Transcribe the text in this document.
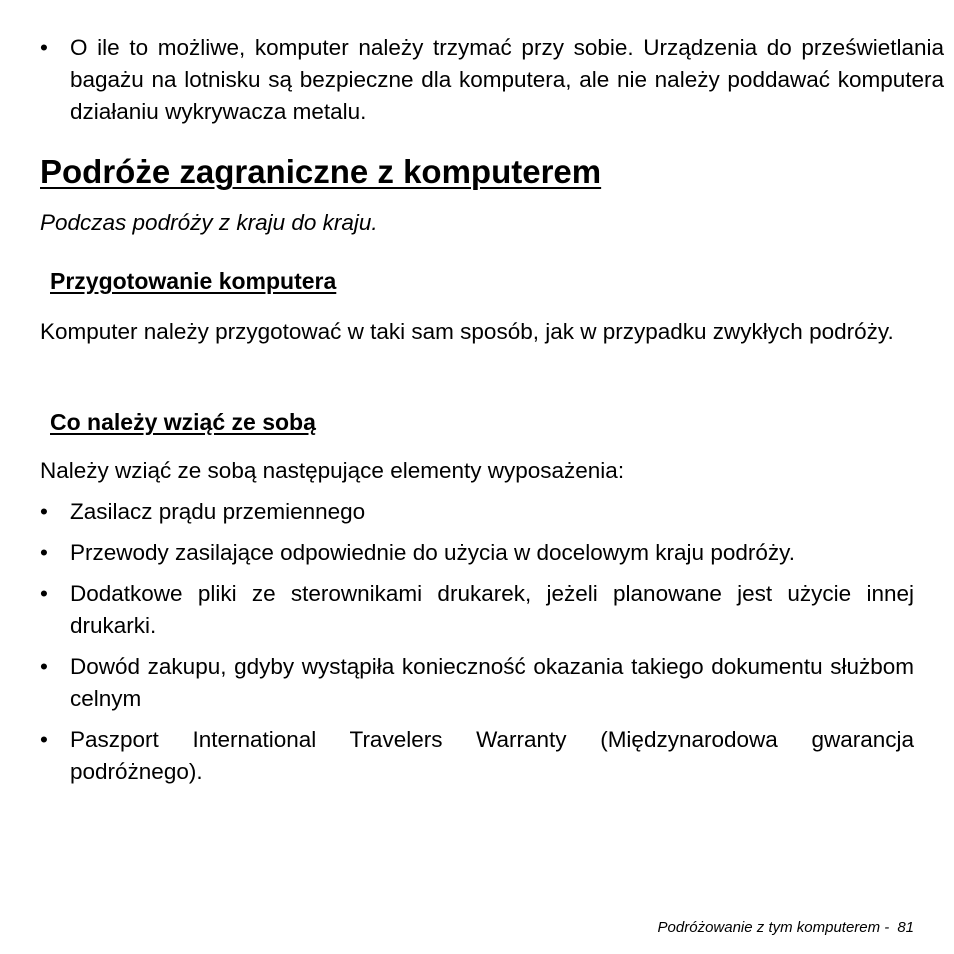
• O ile to możliwe, komputer należy trzymać przy sobie. Urządzenia do prześwietlania bagażu na lotnisku są bezpieczne dla komputera, ale nie należy poddawać komputera działaniu wykrywacza metalu.
Podróże zagraniczne z komputerem
Podczas podróży z kraju do kraju.
Przygotowanie komputera
Komputer należy przygotować w taki sam sposób, jak w przypadku zwykłych podróży.
Co należy wziąć ze sobą
Należy wziąć ze sobą następujące elementy wyposażenia:
• Zasilacz prądu przemiennego
• Przewody zasilające odpowiednie do użycia w docelowym kraju podróży.
• Dodatkowe pliki ze sterownikami drukarek, jeżeli planowane jest użycie innej drukarki.
• Dowód zakupu, gdyby wystąpiła konieczność okazania takiego dokumentu służbom celnym
• Paszport International Travelers Warranty (Międzynarodowa gwarancja podróżnego).
Podróżowanie z tym komputerem - 81
